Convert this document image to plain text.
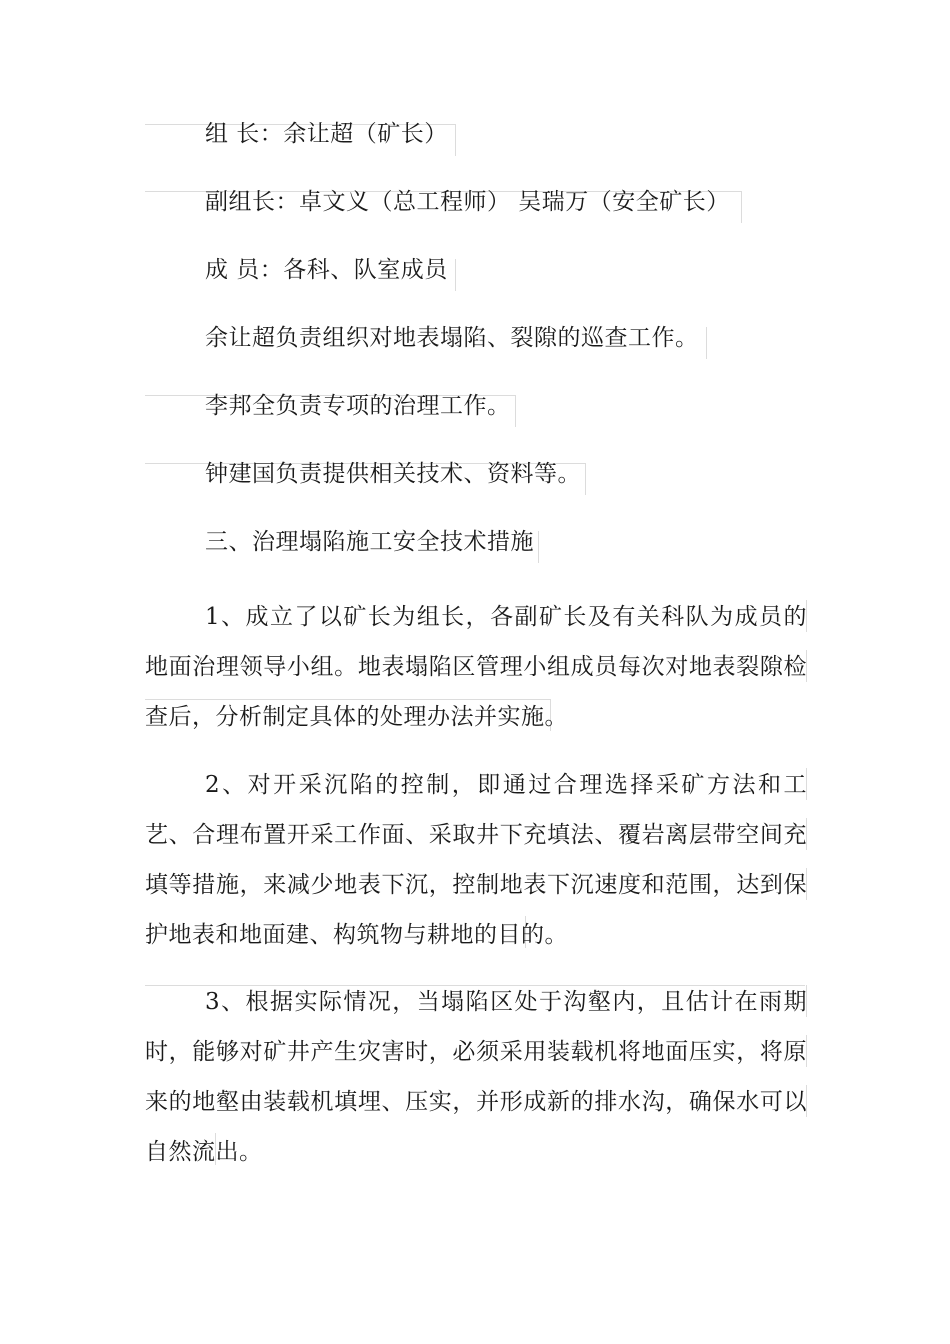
组 长：余让超（矿长）

副组长：卓文义（总工程师） 吴瑞万（安全矿长）

成 员：各科、队室成员

余让超负责组织对地表塌陷、裂隙的巡查工作。

李邦全负责专项的治理工作。

钟建国负责提供相关技术、资料等。

三、治理塌陷施工安全技术措施

1、成立了以矿长为组长，各副矿长及有关科队为成员的地面治理领导小组。地表塌陷区管理小组成员每次对地表裂隙检查后，分析制定具体的处理办法并实施。

2、对开采沉陷的控制，即通过合理选择采矿方法和工艺、合理布置开采工作面、采取井下充填法、覆岩离层带空间充填等措施，来减少地表下沉，控制地表下沉速度和范围，达到保护地表和地面建、构筑物与耕地的目的。

3、根据实际情况，当塌陷区处于沟壑内，且估计在雨期时，能够对矿井产生灾害时，必须采用装载机将地面压实，将原来的地壑由装载机填埋、压实，并形成新的排水沟，确保水可以自然流出。
